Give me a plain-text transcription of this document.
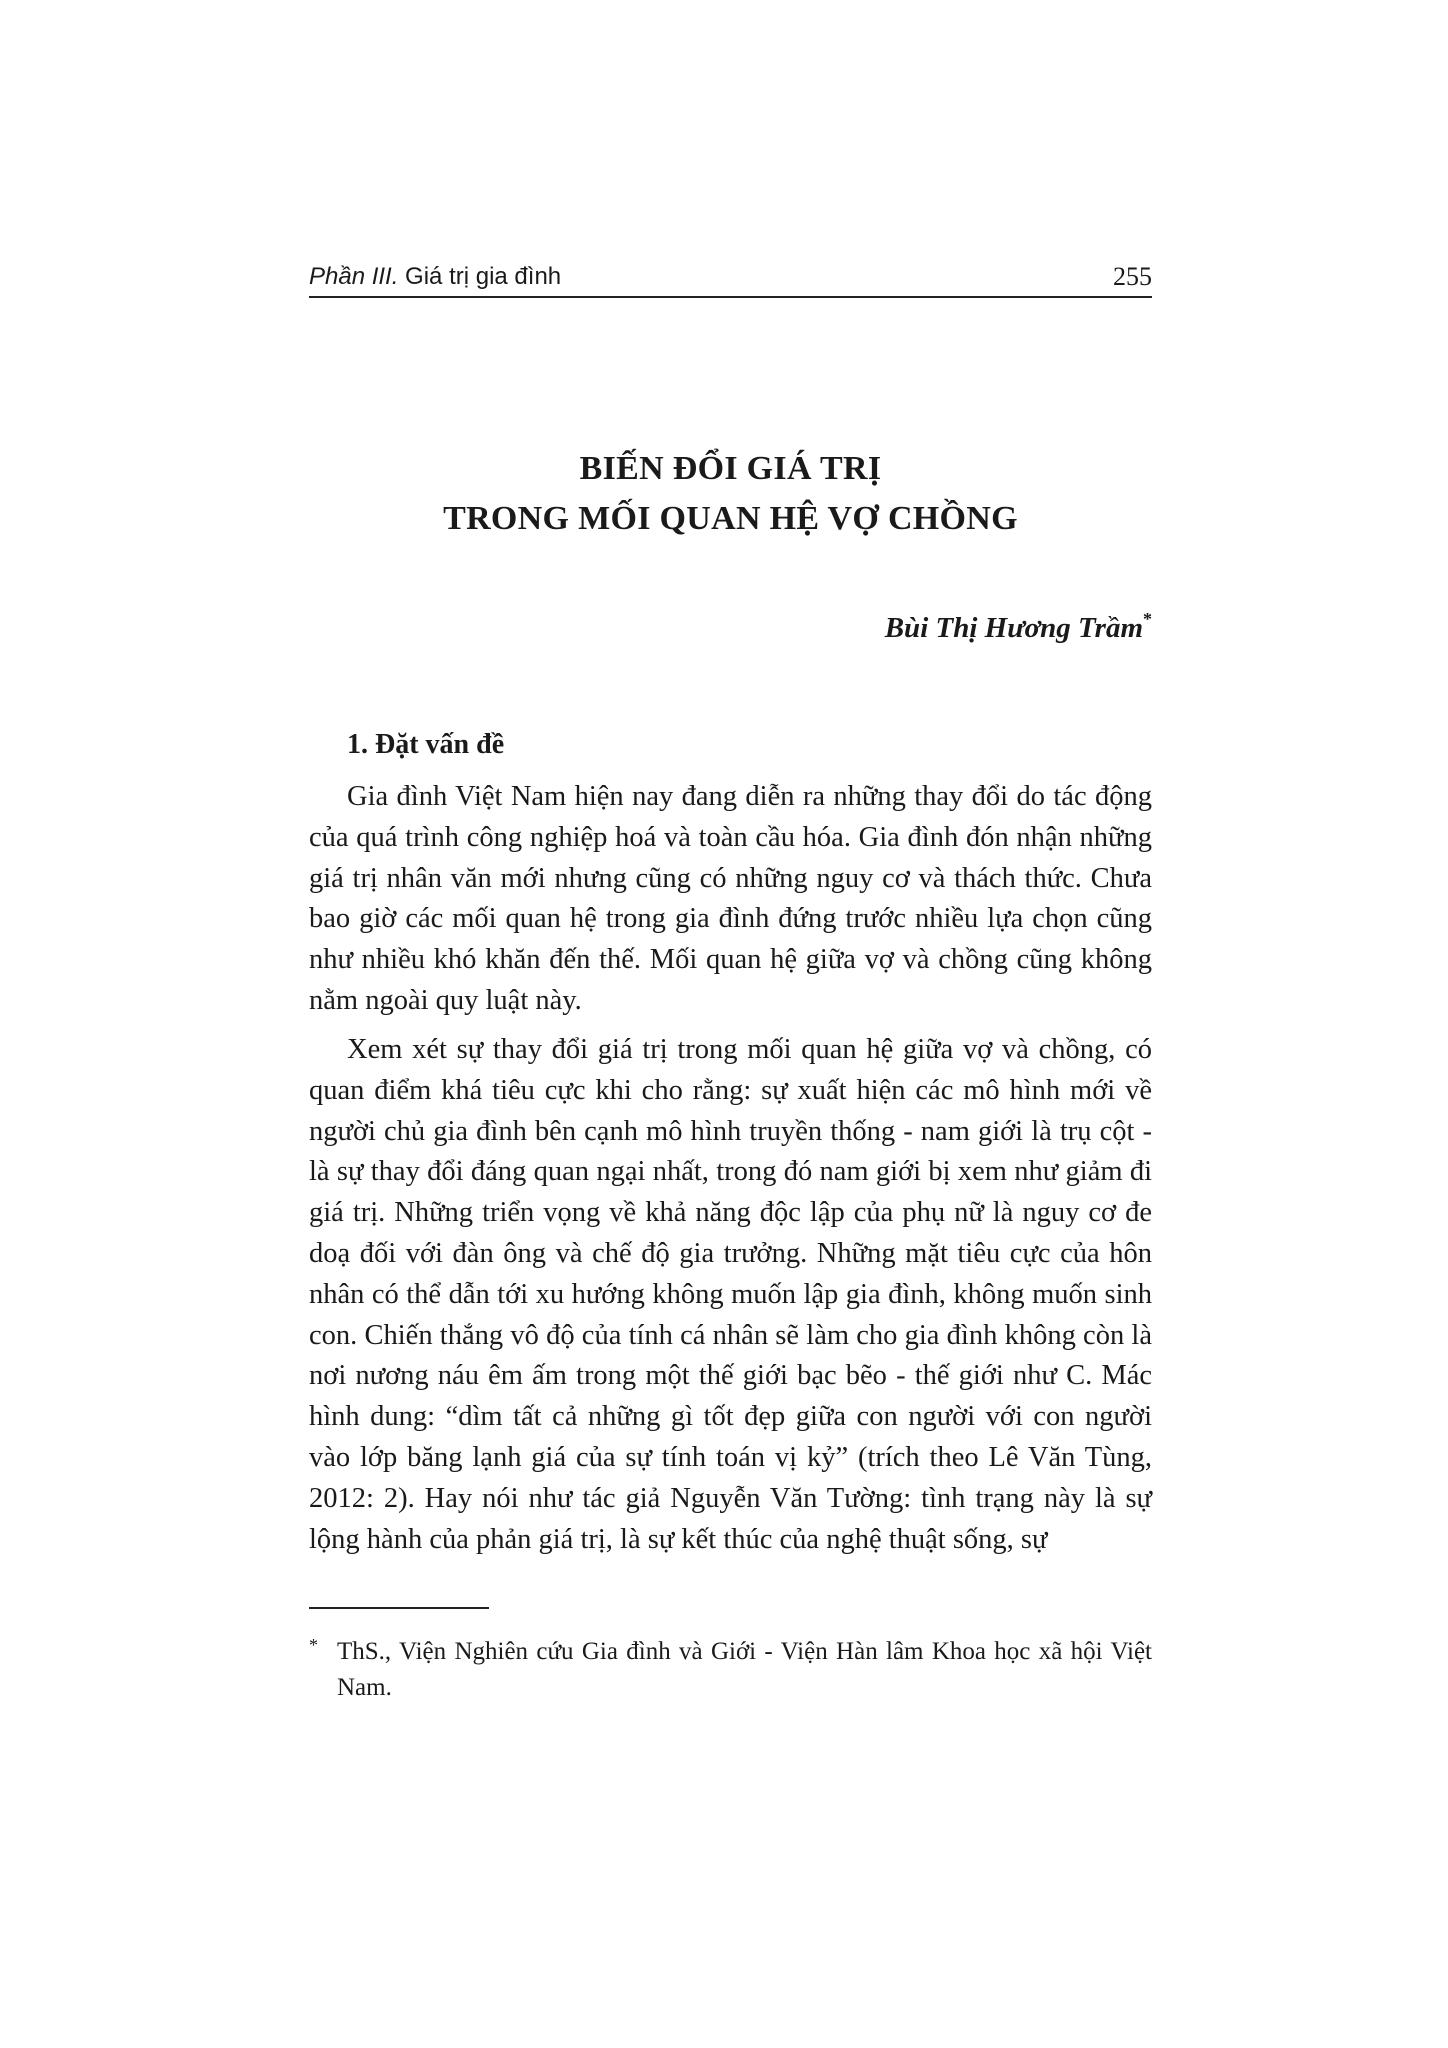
Phần III. Giá trị gia đình	255
BIẾN ĐỔI GIÁ TRỊ
TRONG MỐI QUAN HỆ VỢ CHỒNG
Bùi Thị Hương Trầm*
1. Đặt vấn đề

Gia đình Việt Nam hiện nay đang diễn ra những thay đổi do tác động của quá trình công nghiệp hoá và toàn cầu hóa. Gia đình đón nhận những giá trị nhân văn mới nhưng cũng có những nguy cơ và thách thức. Chưa bao giờ các mối quan hệ trong gia đình đứng trước nhiều lựa chọn cũng như nhiều khó khăn đến thế. Mối quan hệ giữa vợ và chồng cũng không nằm ngoài quy luật này.

Xem xét sự thay đổi giá trị trong mối quan hệ giữa vợ và chồng, có quan điểm khá tiêu cực khi cho rằng: sự xuất hiện các mô hình mới về người chủ gia đình bên cạnh mô hình truyền thống - nam giới là trụ cột - là sự thay đổi đáng quan ngại nhất, trong đó nam giới bị xem như giảm đi giá trị. Những triển vọng về khả năng độc lập của phụ nữ là nguy cơ đe doạ đối với đàn ông và chế độ gia trưởng. Những mặt tiêu cực của hôn nhân có thể dẫn tới xu hướng không muốn lập gia đình, không muốn sinh con. Chiến thắng vô độ của tính cá nhân sẽ làm cho gia đình không còn là nơi nương náu êm ấm trong một thế giới bạc bẽo - thế giới như C. Mác hình dung: “dìm tất cả những gì tốt đẹp giữa con người với con người vào lớp băng lạnh giá của sự tính toán vị kỷ” (trích theo Lê Văn Tùng, 2012: 2). Hay nói như tác giả Nguyễn Văn Tường: tình trạng này là sự lộng hành của phản giá trị, là sự kết thúc của nghệ thuật sống, sự

* ThS., Viện Nghiên cứu Gia đình và Giới - Viện Hàn lâm Khoa học xã hội Việt Nam.
